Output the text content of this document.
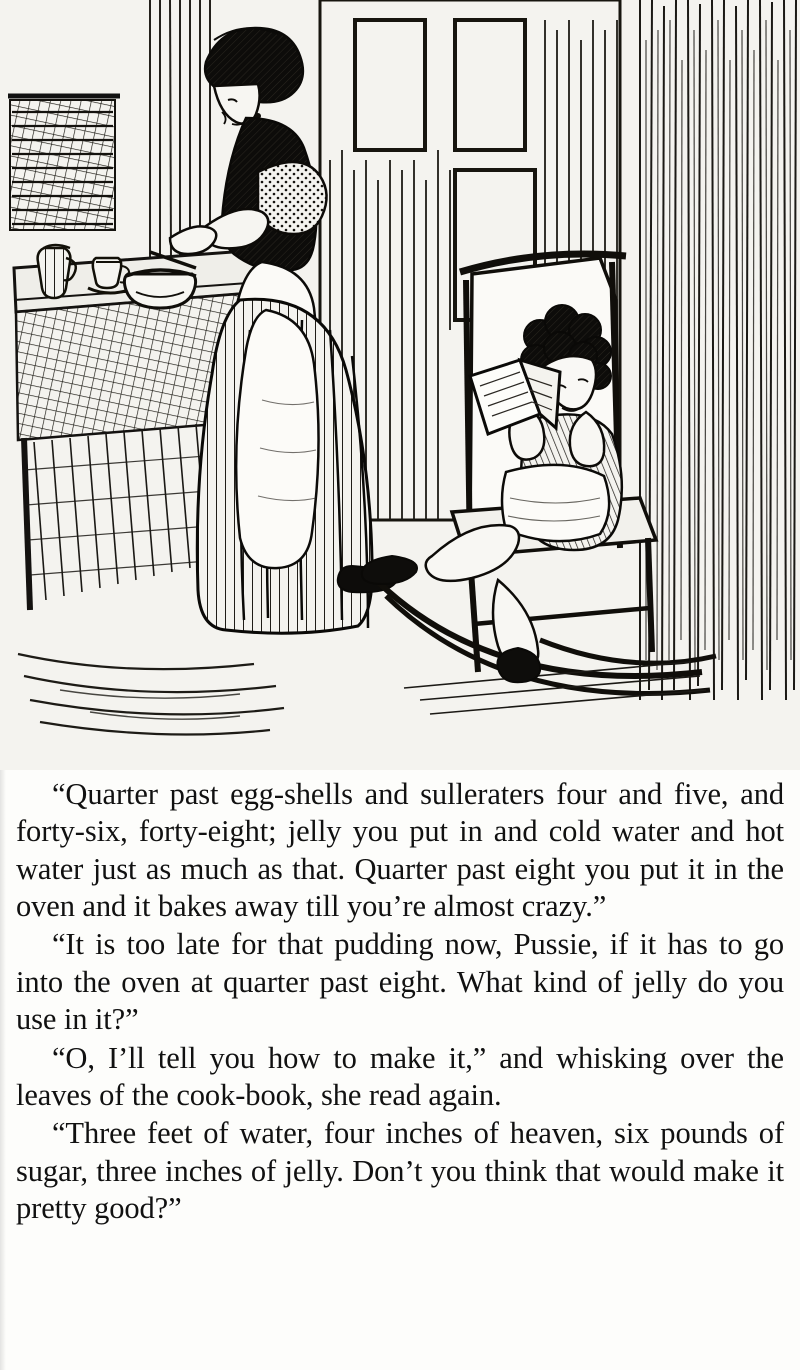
“Quarter past egg-shells and sulleraters four and five, and forty-six, forty-eight; jelly you put in and cold water and hot water just as much as that. Quarter past eight you put it in the oven and it bakes away till you’re almost crazy.”

“It is too late for that pudding now, Pussie, if it has to go into the oven at quarter past eight. What kind of jelly do you use in it?”

“O, I’ll tell you how to make it,” and whisking over the leaves of the cook-book, she read again.

“Three feet of water, four inches of heaven, six pounds of sugar, three inches of jelly. Don’t you think that would make it pretty good?”
